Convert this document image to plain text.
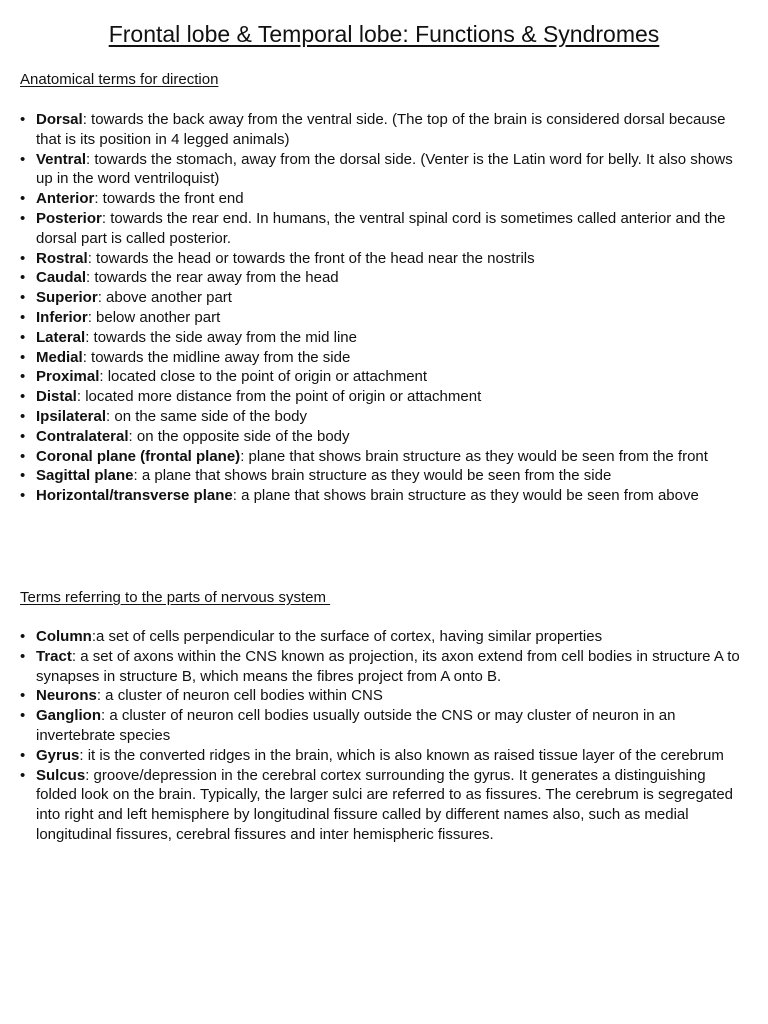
Frontal lobe & Temporal lobe: Functions & Syndromes
Anatomical terms for direction
• Dorsal: towards the back away from the ventral side. (The top of the brain is considered dorsal because that is its position in 4 legged animals)
• Ventral: towards the stomach, away from the dorsal side. (Venter is the Latin word for belly. It also shows up in the word ventriloquist)
• Anterior: towards the front end
• Posterior: towards the rear end. In humans, the ventral spinal cord is sometimes called anterior and the dorsal part is called posterior.
• Rostral: towards the head or towards the front of the head near the nostrils
• Caudal: towards the rear away from the head
• Superior: above another part
• Inferior: below another part
• Lateral: towards the side away from the mid line
• Medial: towards the midline away from the side
• Proximal: located close to the point of origin or attachment
• Distal: located more distance from the point of origin or attachment
• Ipsilateral: on the same side of the body
• Contralateral: on the opposite side of the body
• Coronal plane (frontal plane): plane that shows brain structure as they would be seen from the front
• Sagittal plane: a plane that shows brain structure as they would be seen from the side
• Horizontal/transverse plane: a plane that shows brain structure as they would be seen from above
Terms referring to the parts of nervous system
• Column:a set of cells perpendicular to the surface of cortex, having similar properties
• Tract: a set of axons within the CNS known as projection, its axon extend from cell bodies in structure A to synapses in structure B, which means the fibres project from A onto B.
• Neurons: a cluster of neuron cell bodies within CNS
• Ganglion: a cluster of neuron cell bodies usually outside the CNS or may cluster of neuron in an invertebrate species
• Gyrus: it is the converted ridges in the brain, which is also known as raised tissue layer of the cerebrum
• Sulcus: groove/depression in the cerebral cortex surrounding the gyrus. It generates a distinguishing folded look on the brain. Typically, the larger sulci are referred to as fissures. The cerebrum is segregated into right and left hemisphere by longitudinal fissure called by different names also, such as medial longitudinal fissures, cerebral fissures and inter hemispheric fissures.
